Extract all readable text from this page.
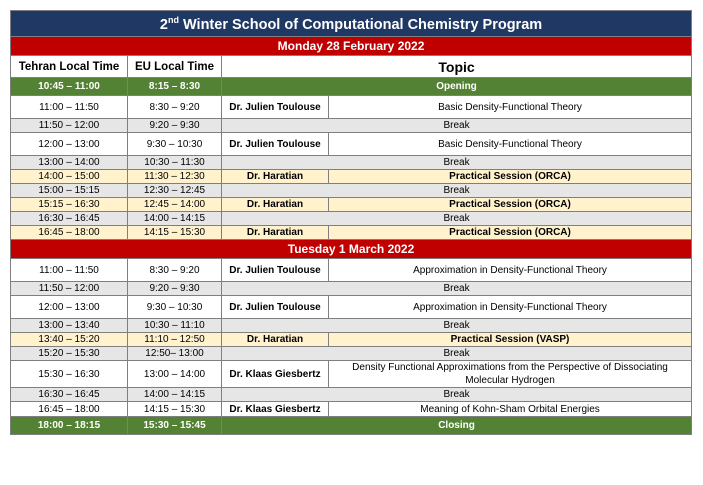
2nd Winter School of Computational Chemistry Program			
Monday 28 February 2022			
Tehran Local Time	EU Local Time	Topic	
10:45 – 11:00	8:15 – 8:30	Opening	
11:00 – 11:50	8:30 – 9:20	Dr. Julien Toulouse	Basic Density-Functional Theory
11:50 – 12:00	9:20 – 9:30	Break	
12:00 – 13:00	9:30 – 10:30	Dr. Julien Toulouse	Basic Density-Functional Theory
13:00 – 14:00	10:30 – 11:30	Break	
14:00 – 15:00	11:30 – 12:30	Dr. Haratian	Practical Session (ORCA)
15:00 – 15:15	12:30 – 12:45	Break	
15:15 – 16:30	12:45 – 14:00	Dr. Haratian	Practical Session (ORCA)
16:30 – 16:45	14:00 – 14:15	Break	
16:45 – 18:00	14:15 – 15:30	Dr. Haratian	Practical Session (ORCA)
Tuesday 1 March 2022			
11:00 – 11:50	8:30 – 9:20	Dr. Julien Toulouse	Approximation in Density-Functional Theory
11:50 – 12:00	9:20 – 9:30	Break	
12:00 – 13:00	9:30 – 10:30	Dr. Julien Toulouse	Approximation in Density-Functional Theory
13:00 – 13:40	10:30 – 11:10	Break	
13:40 – 15:20	11:10 – 12:50	Dr. Haratian	Practical Session (VASP)
15:20 – 15:30	12:50– 13:00	Break	
15:30 – 16:30	13:00 – 14:00	Dr. Klaas Giesbertz	Density Functional Approximations from the Perspective of Dissociating Molecular Hydrogen
16:30 – 16:45	14:00 – 14:15	Break	
16:45 – 18:00	14:15 – 15:30	Dr. Klaas Giesbertz	Meaning of Kohn-Sham Orbital Energies
18:00 – 18:15	15:30 – 15:45	Closing	
